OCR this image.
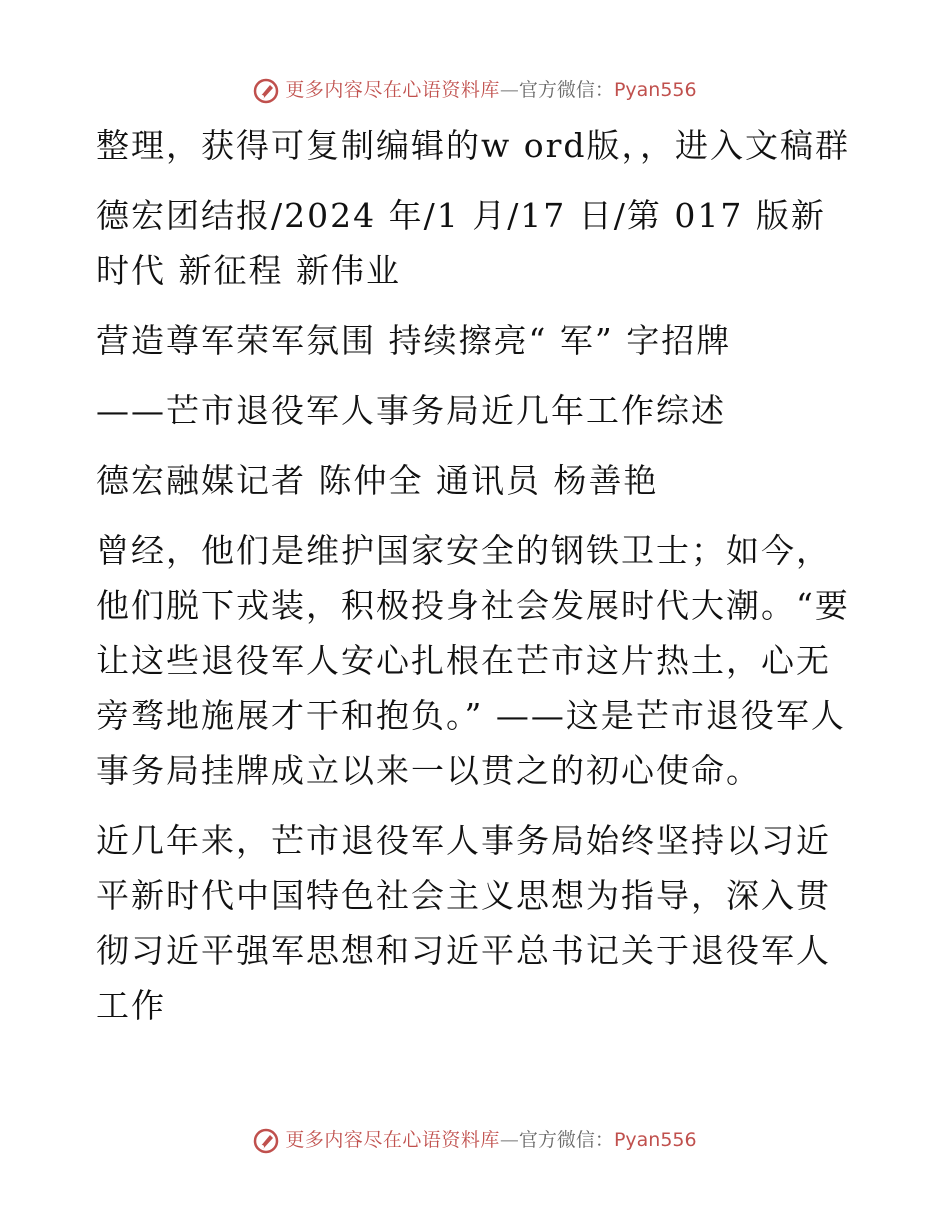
更多内容尽在心语资料库—官方微信：Pyan556

整理，获得可复制编辑的w ord版，，进入文稿群

德宏团结报/2024 年/1 月/17 日/第 017 版新时代 新征程 新伟业

营造尊军荣军氛围 持续擦亮“ 军” 字招牌

——芒市退役军人事务局近几年工作综述

德宏融媒记者 陈仲全 通讯员 杨善艳

曾经，他们是维护国家安全的钢铁卫士；如今，他们脱下戎装，积极投身社会发展时代大潮。“要让这些退役军人安心扎根在芒市这片热土，心无旁骛地施展才干和抱负。” ——这是芒市退役军人事务局挂牌成立以来一以贯之的初心使命。

近几年来，芒市退役军人事务局始终坚持以习近平新时代中国特色社会主义思想为指导，深入贯彻习近平强军思想和习近平总书记关于退役军人工作

更多内容尽在心语资料库—官方微信：Pyan556
